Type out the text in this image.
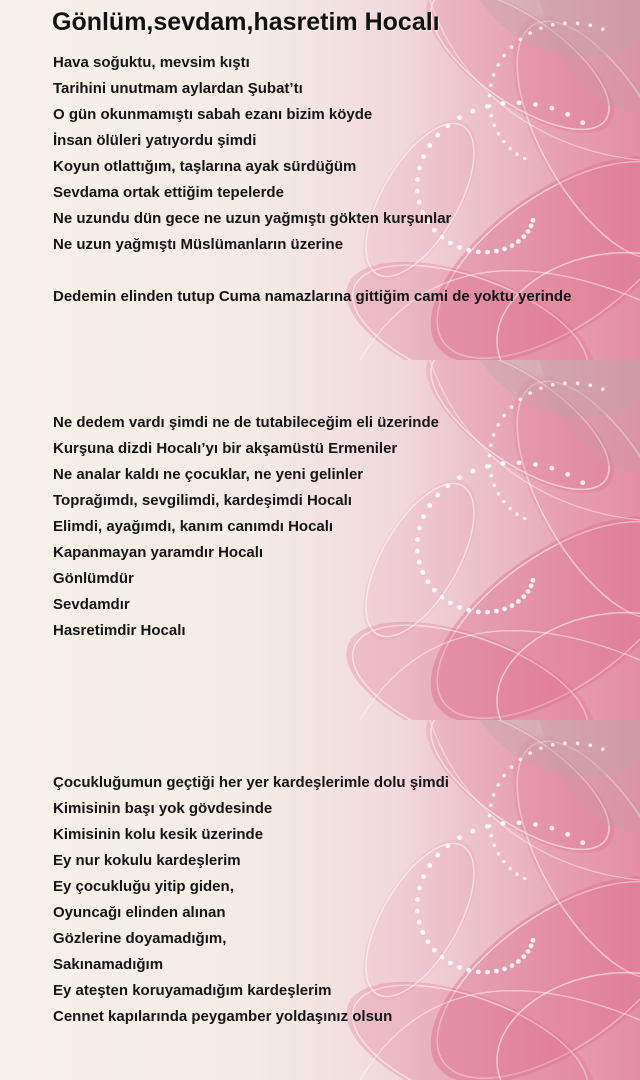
Gönlüm,sevdam,hasretim Hocalı
Hava soğuktu, mevsim kıştı
Tarihini unutmam aylardan Şubat’tı
O gün okunmamıştı sabah ezanı bizim köyde
İnsan ölüleri yatıyordu şimdi
Koyun otlattığım, taşlarına ayak sürdüğüm
Sevdama ortak ettiğim tepelerde
Ne uzundu dün gece ne uzun yağmıştı gökten kurşunlar
Ne uzun yağmıştı Müslümanların üzerine
Dedemin elinden tutup Cuma namazlarına gittiğim cami de yoktu yerinde
Ne dedem vardı şimdi ne de tutabileceğim eli üzerinde
Kurşuna dizdi Hocalı’yı bir akşamüstü Ermeniler
Ne analar kaldı ne çocuklar, ne yeni gelinler
Toprağımdı, sevgilimdi, kardeşimdi Hocalı
Elimdi, ayağımdı, kanım canımdı Hocalı
Kapanmayan yaramdır Hocalı
Gönlümdür
Sevdamdır
Hasretimdir Hocalı
Çocukluğumun geçtiği her yer kardeşlerimle dolu şimdi
Kimisinin başı yok gövdesinde
Kimisinin kolu kesik üzerinde
Ey nur kokulu kardeşlerim
Ey çocukluğu yitip giden,
Oyuncağı elinden alınan
Gözlerine doyamadığım,
Sakınamadığım
Ey ateşten koruyamadığım kardeşlerim
Cennet kapılarında peygamber yoldaşınız olsun
